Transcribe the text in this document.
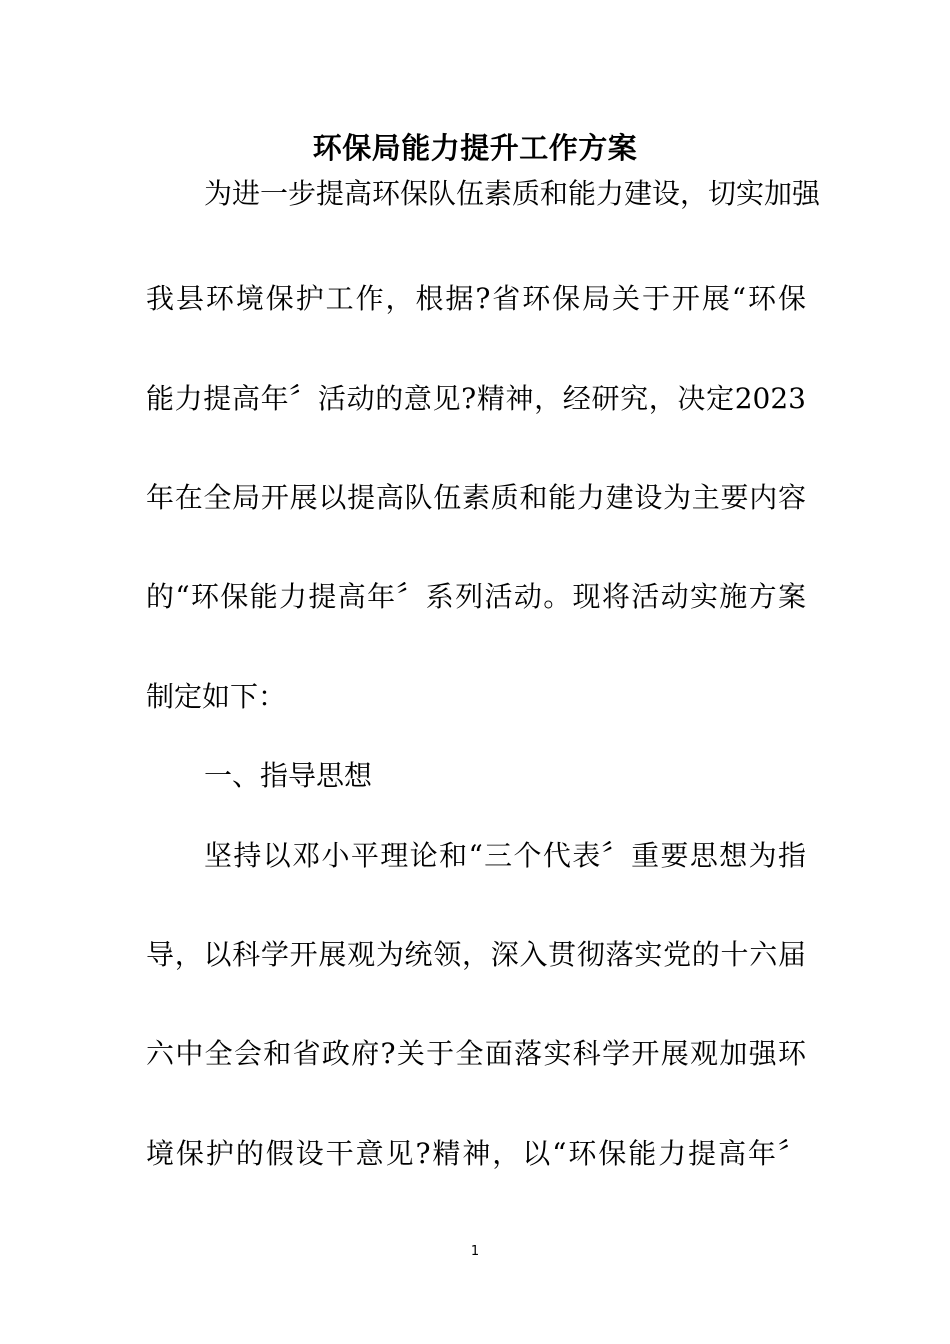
环保局能力提升工作方案

为进一步提高环保队伍素质和能力建设，切实加强

我县环境保护工作，根据?省环保局关于开展“环保

能力提高年〞活动的意见?精神，经研究，决定2023

年在全局开展以提高队伍素质和能力建设为主要内容

的“环保能力提高年〞系列活动。现将活动实施方案

制定如下：

一、指导思想

坚持以邓小平理论和“三个代表〞重要思想为指

导，以科学开展观为统领，深入贯彻落实党的十六届

六中全会和省政府?关于全面落实科学开展观加强环

境保护的假设干意见?精神，以“环保能力提高年〞

1
